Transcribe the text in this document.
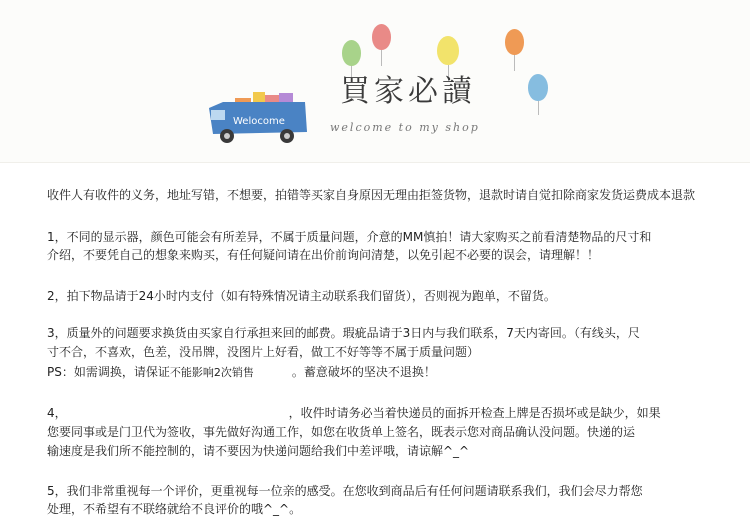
Welocome
買家必讀
welcome to my shop
收件人有收件的义务，地址写错，不想要，拍错等买家自身原因无理由拒签货物，退款时请自觉扣除商家发货运费成本退款
1，不同的显示器，颜色可能会有所差异，不属于质量问题，介意的MM慎拍！请大家购买之前看清楚物品的尺寸和
介绍，不要凭自己的想象来购买，有任何疑问请在出价前询问清楚，以免引起不必要的误会，请理解！！
2，拍下物品请于24小时内支付（如有特殊情况请主动联系我们留货），否则视为跑单，不留货。
3，质量外的问题要求换货由买家自行承担来回的邮费。瑕疵品请于3日内与我们联系，7天内寄回。（有线头，尺
寸不合，不喜欢，色差，没吊牌，没图片上好看，做工不好等等不属于质量问题）
PS：如需调换，请保证不能影响2次销售	。蓄意破坏的坚决不退换！
4，	，收件时请务必当着快递员的面拆开检查上牌是否损坏或是缺少，如果
您要同事或是门卫代为签收，事先做好沟通工作，如您在收货单上签名，既表示您对商品确认没问题。快递的运
输速度是我们所不能控制的，请不要因为快递问题给我们中差评哦，请谅解^_^
5，我们非常重视每一个评价，更重视每一位亲的感受。在您收到商品后有任何问题请联系我们，我们会尽力帮您
处理，不希望有不联络就给不良评价的哦^_^。
